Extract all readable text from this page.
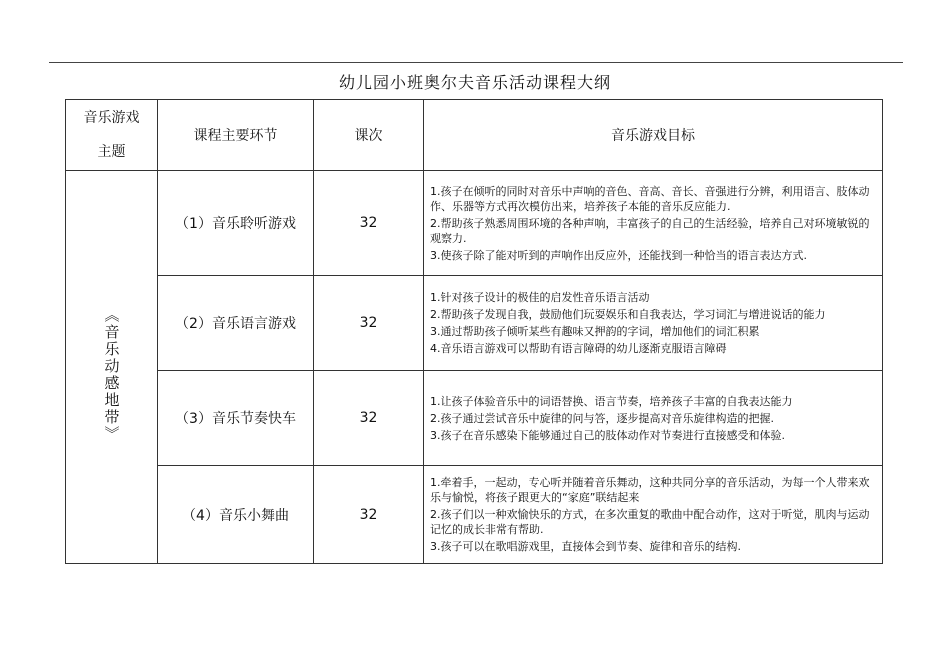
幼儿园小班奥尔夫音乐活动课程大纲
音乐游戏
主题	课程主要环节	课次	音乐游戏目标
《音乐动感地带》	（1）音乐聆听游戏	32	1.孩子在倾听的同时对音乐中声响的音色、音高、音长、音强进行分辨，利用语言、肢体动作、乐器等方式再次模仿出来，培养孩子本能的音乐反应能力.
2.帮助孩子熟悉周围环境的各种声响，丰富孩子的自己的生活经验，培养自己对环境敏锐的观察力.
3.使孩子除了能对听到的声响作出反应外，还能找到一种恰当的语言表达方式.

	（2）音乐语言游戏	32	1.针对孩子设计的极佳的启发性音乐语言活动
2.帮助孩子发现自我，鼓励他们玩耍娱乐和自我表达，学习词汇与增进说话的能力
3.通过帮助孩子倾听某些有趣味又押韵的字词，增加他们的词汇积累
4.音乐语言游戏可以帮助有语言障碍的幼儿逐渐克服语言障碍

	（3）音乐节奏快车	32	1.让孩子体验音乐中的词语替换、语言节奏，培养孩子丰富的自我表达能力
2.孩子通过尝试音乐中旋律的问与答，逐步提高对音乐旋律构造的把握.
3.孩子在音乐感染下能够通过自己的肢体动作对节奏进行直接感受和体验.

	（4）音乐小舞曲	32	1.牵着手，一起动，专心听并随着音乐舞动，这种共同分享的音乐活动，为每一个人带来欢乐与愉悦，将孩子跟更大的“家庭”联结起来
2.孩子们以一种欢愉快乐的方式，在多次重复的歌曲中配合动作，这对于听觉，肌肉与运动记忆的成长非常有帮助.
3.孩子可以在歌唱游戏里，直接体会到节奏、旋律和音乐的结构.
